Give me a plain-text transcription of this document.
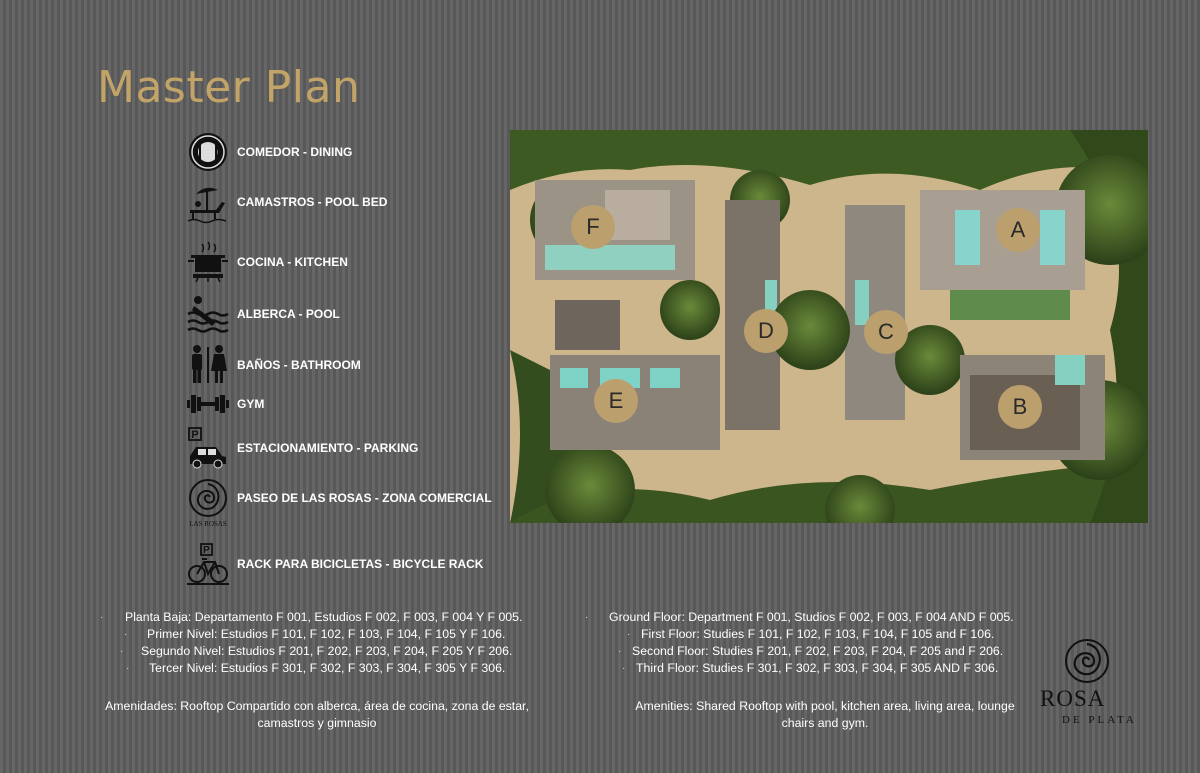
Master Plan
COMEDOR - DINING
CAMASTROS - POOL BED
COCINA - KITCHEN
ALBERCA - POOL
BAÑOS - BATHROOM
GYM
P
ESTACIONAMIENTO - PARKING
LAS ROSAS
PASEO DE LAS ROSAS - ZONA COMERCIAL
P
RACK PARA BICICLETAS - BICYCLE RACK
A
B
C
D
E
F
· Planta Baja: Departamento F 001, Estudios F 002, F 003, F 004 Y F 005.
· Primer Nivel: Estudios F 101, F 102, F 103, F 104, F 105 Y F 106.
· Segundo Nivel: Estudios F 201, F 202, F 203, F 204, F 205 Y F 206.
· Tercer Nivel: Estudios F 301, F 302, F 303, F 304, F 305 Y F 306.
Amenidades: Rooftop Compartido con alberca, área de cocina, zona de estar,
camastros y gimnasio
· Ground Floor: Department F 001, Studios F 002, F 003, F 004 AND F 005.
· First Floor: Studies F 101, F 102, F 103, F 104, F 105 and F 106.
· Second Floor: Studies F 201, F 202, F 203, F 204, F 205 and F 206.
· Third Floor: Studies F 301, F 302, F 303, F 304, F 305 AND F 306.
Amenities: Shared Rooftop with pool, kitchen area, living area, lounge
chairs and gym.
ROSA
DE PLATA
